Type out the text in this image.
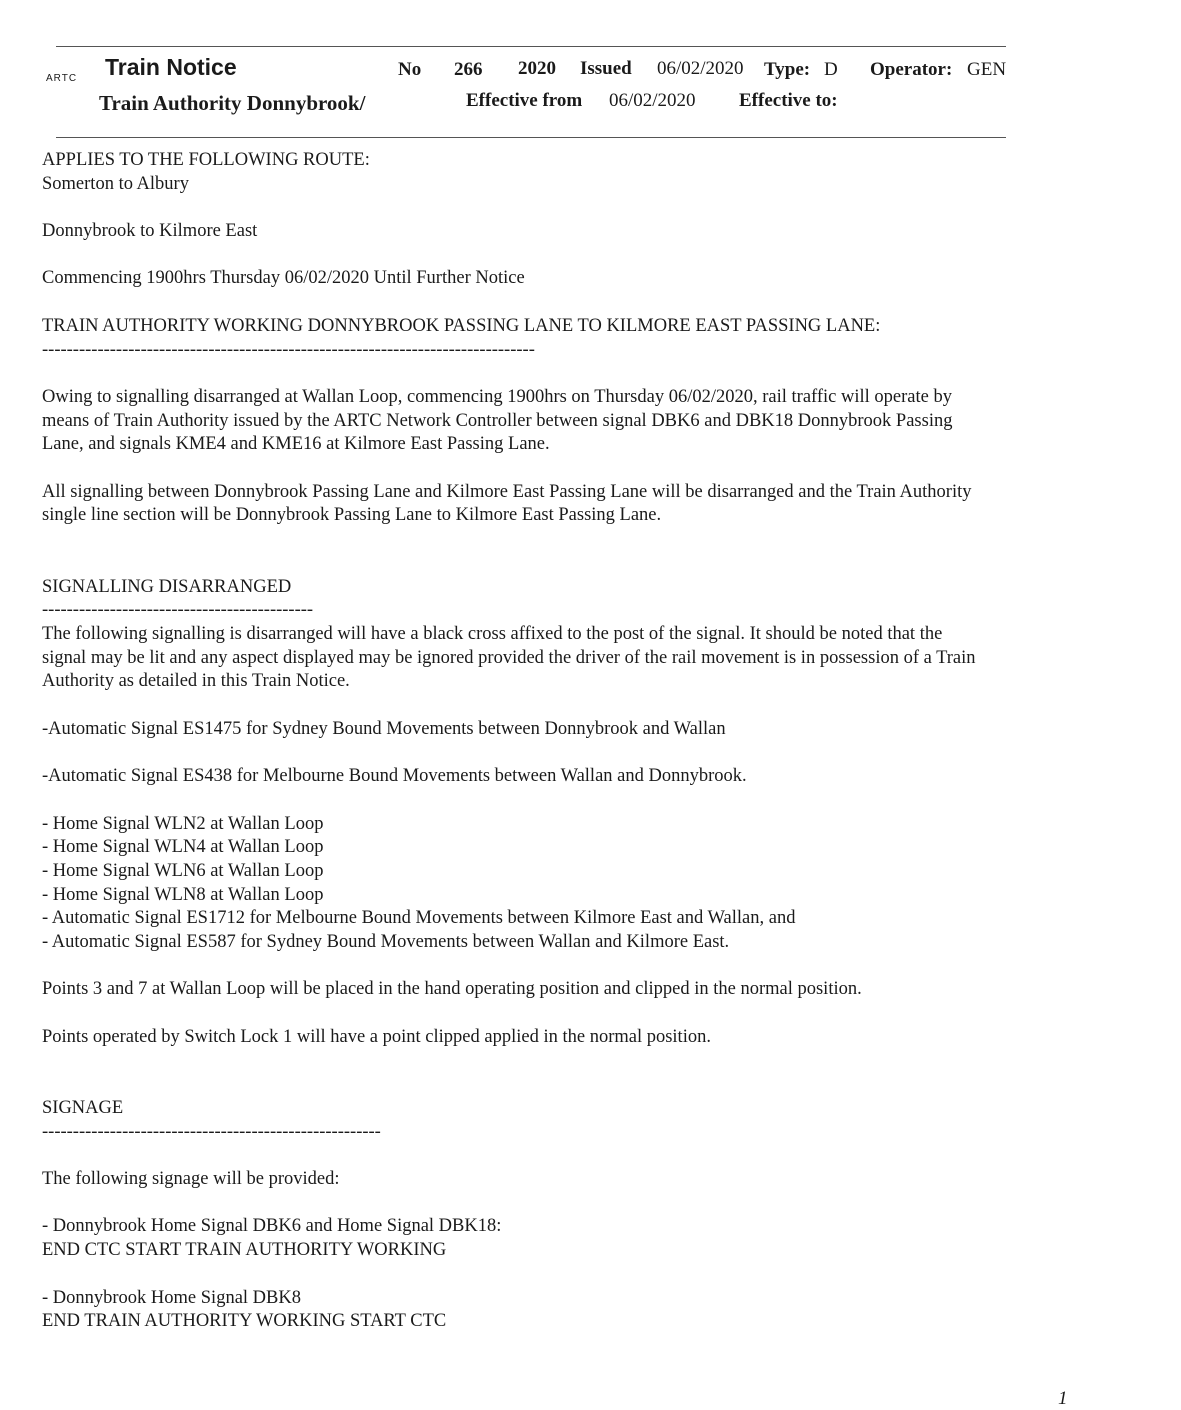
ARTC Train Notice	No 266 2020 Issued 06/02/2020 Type: D Operator: GEN
Train Authority Donnybrook/	Effective from 06/02/2020 Effective to:

APPLIES TO THE FOLLOWING ROUTE:

Somerton to Albury

Donnybrook to Kilmore East

Commencing 1900hrs Thursday 06/02/2020 Until Further Notice

TRAIN AUTHORITY WORKING DONNYBROOK PASSING LANE TO KILMORE EAST PASSING LANE:

--------------------------------------------------------------------------------

Owing to signalling disarranged at Wallan Loop, commencing 1900hrs on Thursday 06/02/2020, rail traffic will operate by

means of Train Authority issued by the ARTC Network Controller between signal DBK6 and DBK18 Donnybrook Passing

Lane, and signals KME4 and KME16 at Kilmore East Passing Lane.

All signalling between Donnybrook Passing Lane and Kilmore East Passing Lane will be disarranged and the Train Authority

single line section will be Donnybrook Passing Lane to Kilmore East Passing Lane.

SIGNALLING DISARRANGED

--------------------------------------------

The following signalling is disarranged will have a black cross affixed to the post of the signal. It should be noted that the

signal may be lit and any aspect displayed may be ignored provided the driver of the rail movement is in possession of a Train

Authority as detailed in this Train Notice.

-Automatic Signal ES1475 for Sydney Bound Movements between Donnybrook and Wallan

-Automatic Signal ES438 for Melbourne Bound Movements between Wallan and Donnybrook.

- Home Signal WLN2 at Wallan Loop

- Home Signal WLN4 at Wallan Loop

- Home Signal WLN6 at Wallan Loop

- Home Signal WLN8 at Wallan Loop

- Automatic Signal ES1712 for Melbourne Bound Movements between Kilmore East and Wallan, and

- Automatic Signal ES587 for Sydney Bound Movements between Wallan and Kilmore East.

Points 3 and 7 at Wallan Loop will be placed in the hand operating position and clipped in the normal position.

Points operated by Switch Lock 1 will have a point clipped applied in the normal position.

SIGNAGE

-------------------------------------------------------

The following signage will be provided:

- Donnybrook Home Signal DBK6 and Home Signal DBK18:

END CTC START TRAIN AUTHORITY WORKING

- Donnybrook Home Signal DBK8

END TRAIN AUTHORITY WORKING START CTC

1
